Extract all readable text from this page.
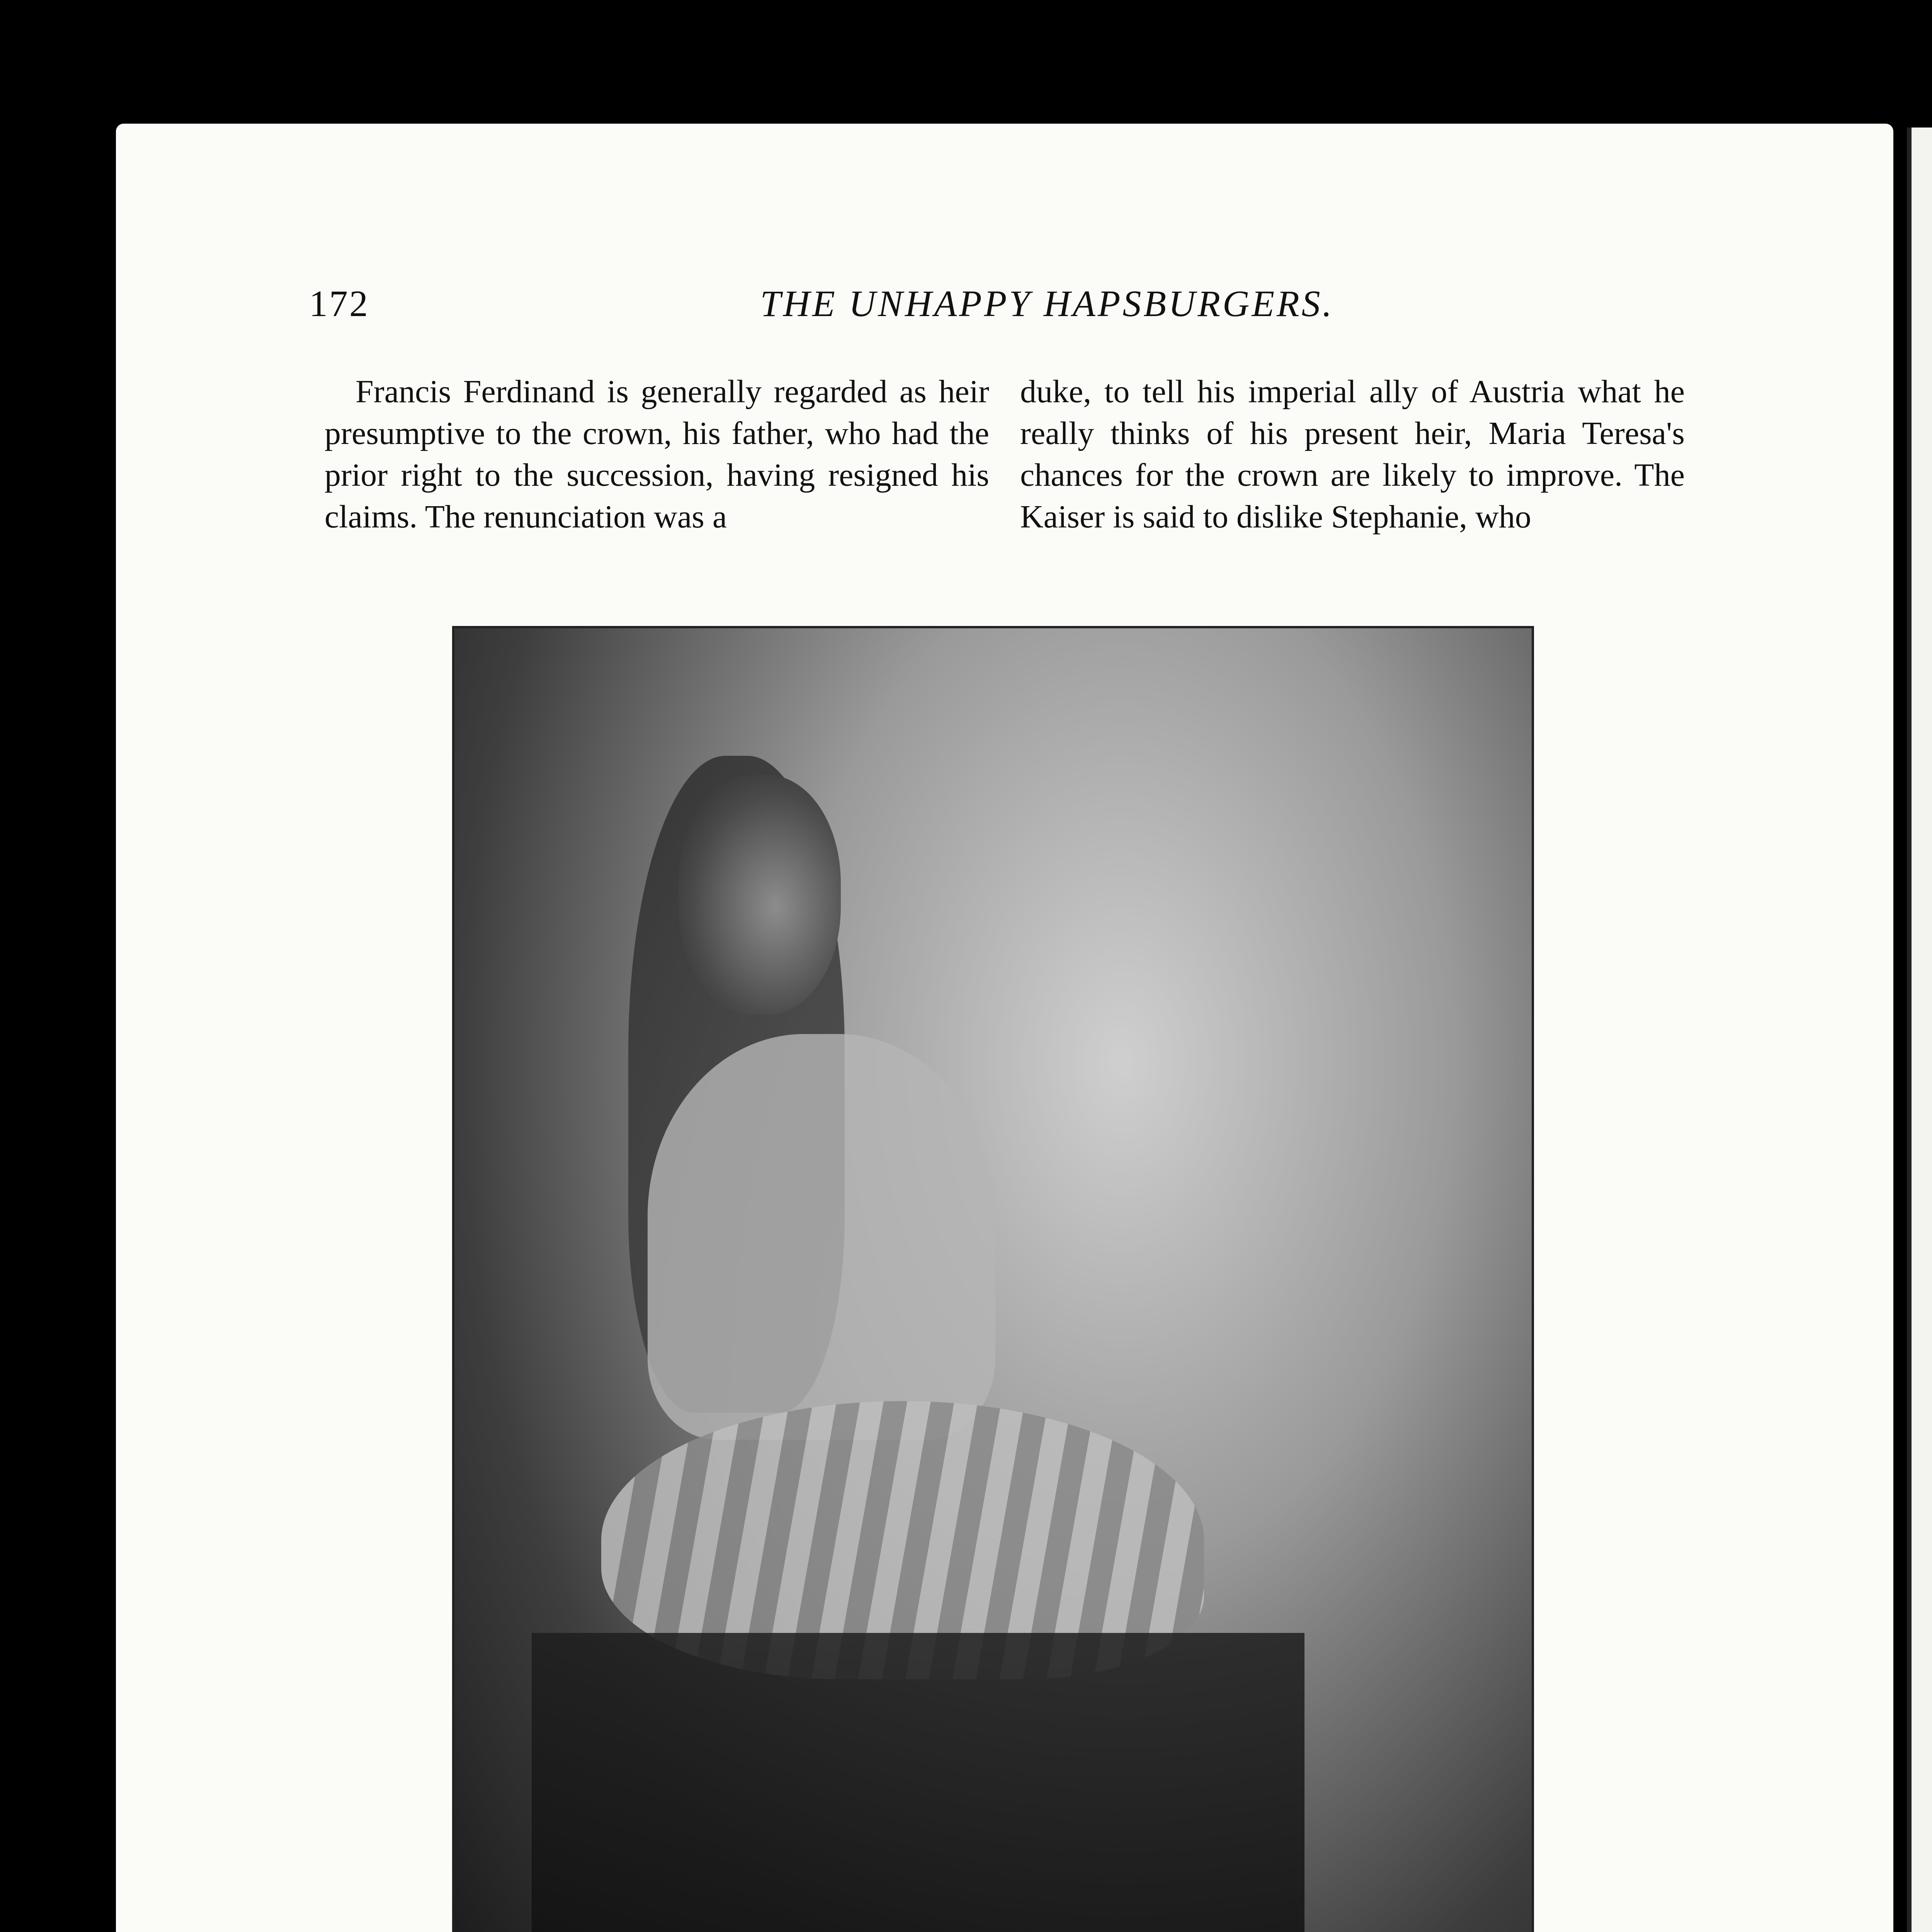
172	THE UNHAPPY HAPSBURGERS.

Francis Ferdinand is generally regarded as heir presumptive to the crown, his father, who had the prior right to the succession, having resigned his claims. The renunciation was a

duke, to tell his imperial ally of Austria what he really thinks of his present heir, Maria Teresa's chances for the crown are likely to improve. The Kaiser is said to dislike Stephanie, who
